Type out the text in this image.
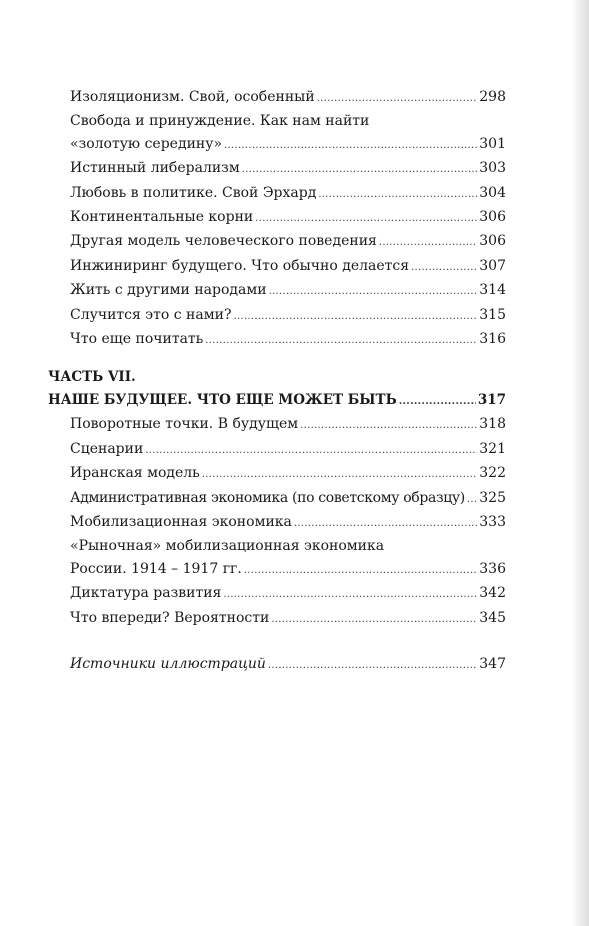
Изоляционизм. Свой, особенный .....	298
Свобода и принуждение. Как нам найти
«золотую середину» .....	301
Истинный либерализм .....	303
Любовь в политике. Свой Эрхард .....	304
Континентальные корни .....	306
Другая модель человеческого поведения .....	306
Инжиниринг будущего. Что обычно делается .....	307
Жить с другими народами .....	314
Случится это с нами? .....	315
Что еще почитать .....	316
ЧАСТЬ VII.
НАШЕ БУДУЩЕЕ. ЧТО ЕЩЕ МОЖЕТ БЫТЬ .....	317
Поворотные точки. В будущем .....	318
Сценарии .....	321
Иранская модель .....	322
Административная экономика (по советскому образцу) ..... 325
Мобилизационная экономика .....	333
«Рыночная» мобилизационная экономика
России. 1914 – 1917 гг. .....	336
Диктатура развития .....	342
Что впереди? Вероятности .....	345
Источники иллюстраций .....	347
